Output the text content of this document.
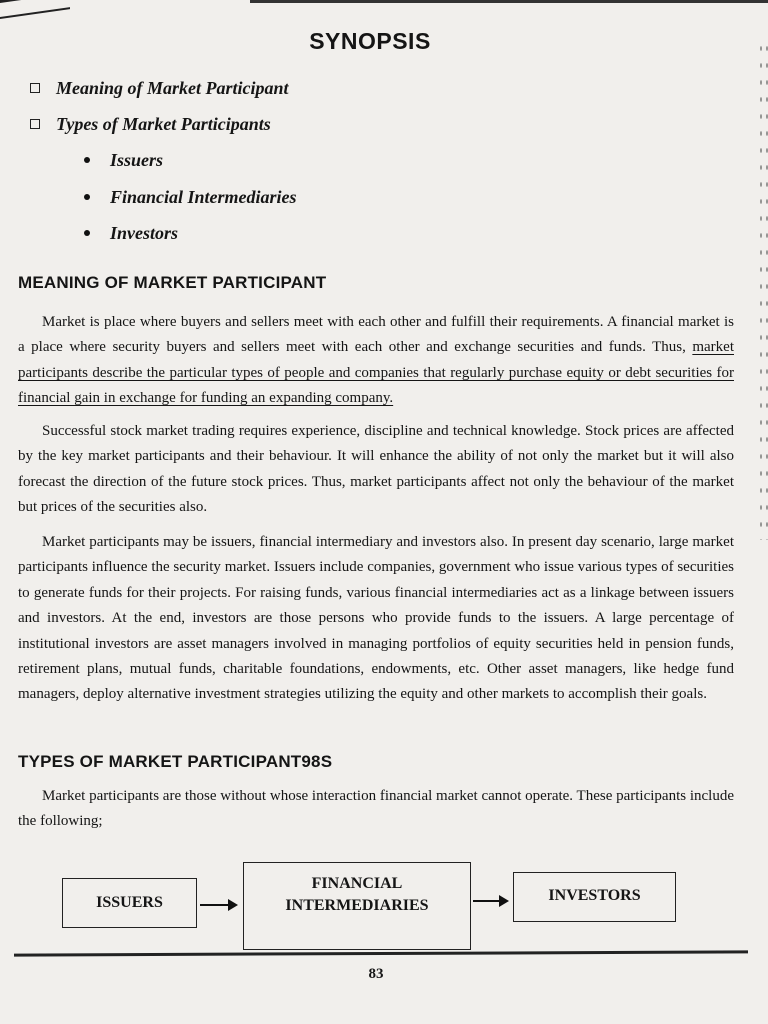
SYNOPSIS
Meaning of Market Participant
Types of Market Participants
Issuers
Financial Intermediaries
Investors
MEANING OF MARKET PARTICIPANT

Market is place where buyers and sellers meet with each other and fulfill their requirements. A financial market is a place where security buyers and sellers meet with each other and exchange securities and funds. Thus, market participants describe the particular types of people and companies that regularly purchase equity or debt securities for financial gain in exchange for funding an expanding company.

Successful stock market trading requires experience, discipline and technical knowledge. Stock prices are affected by the key market participants and their behaviour. It will enhance the ability of not only the market but it will also forecast the direction of the future stock prices. Thus, market participants affect not only the behaviour of the market but prices of the securities also.

Market participants may be issuers, financial intermediary and investors also. In present day scenario, large market participants influence the security market. Issuers include companies, government who issue various types of securities to generate funds for their projects. For raising funds, various financial intermediaries act as a linkage between issuers and investors. At the end, investors are those persons who provide funds to the issuers. A large percentage of institutional investors are asset managers involved in managing portfolios of equity securities held in pension funds, retirement plans, mutual funds, charitable foundations, endowments, etc. Other asset managers, like hedge fund managers, deploy alternative investment strategies utilizing the equity and other markets to accomplish their goals.

TYPES OF MARKET PARTICIPANT98S

Market participants are those without whose interaction financial market cannot operate. These participants include the following;

ISSUERS
FINANCIAL
INTERMEDIARIES
INVESTORS
83
